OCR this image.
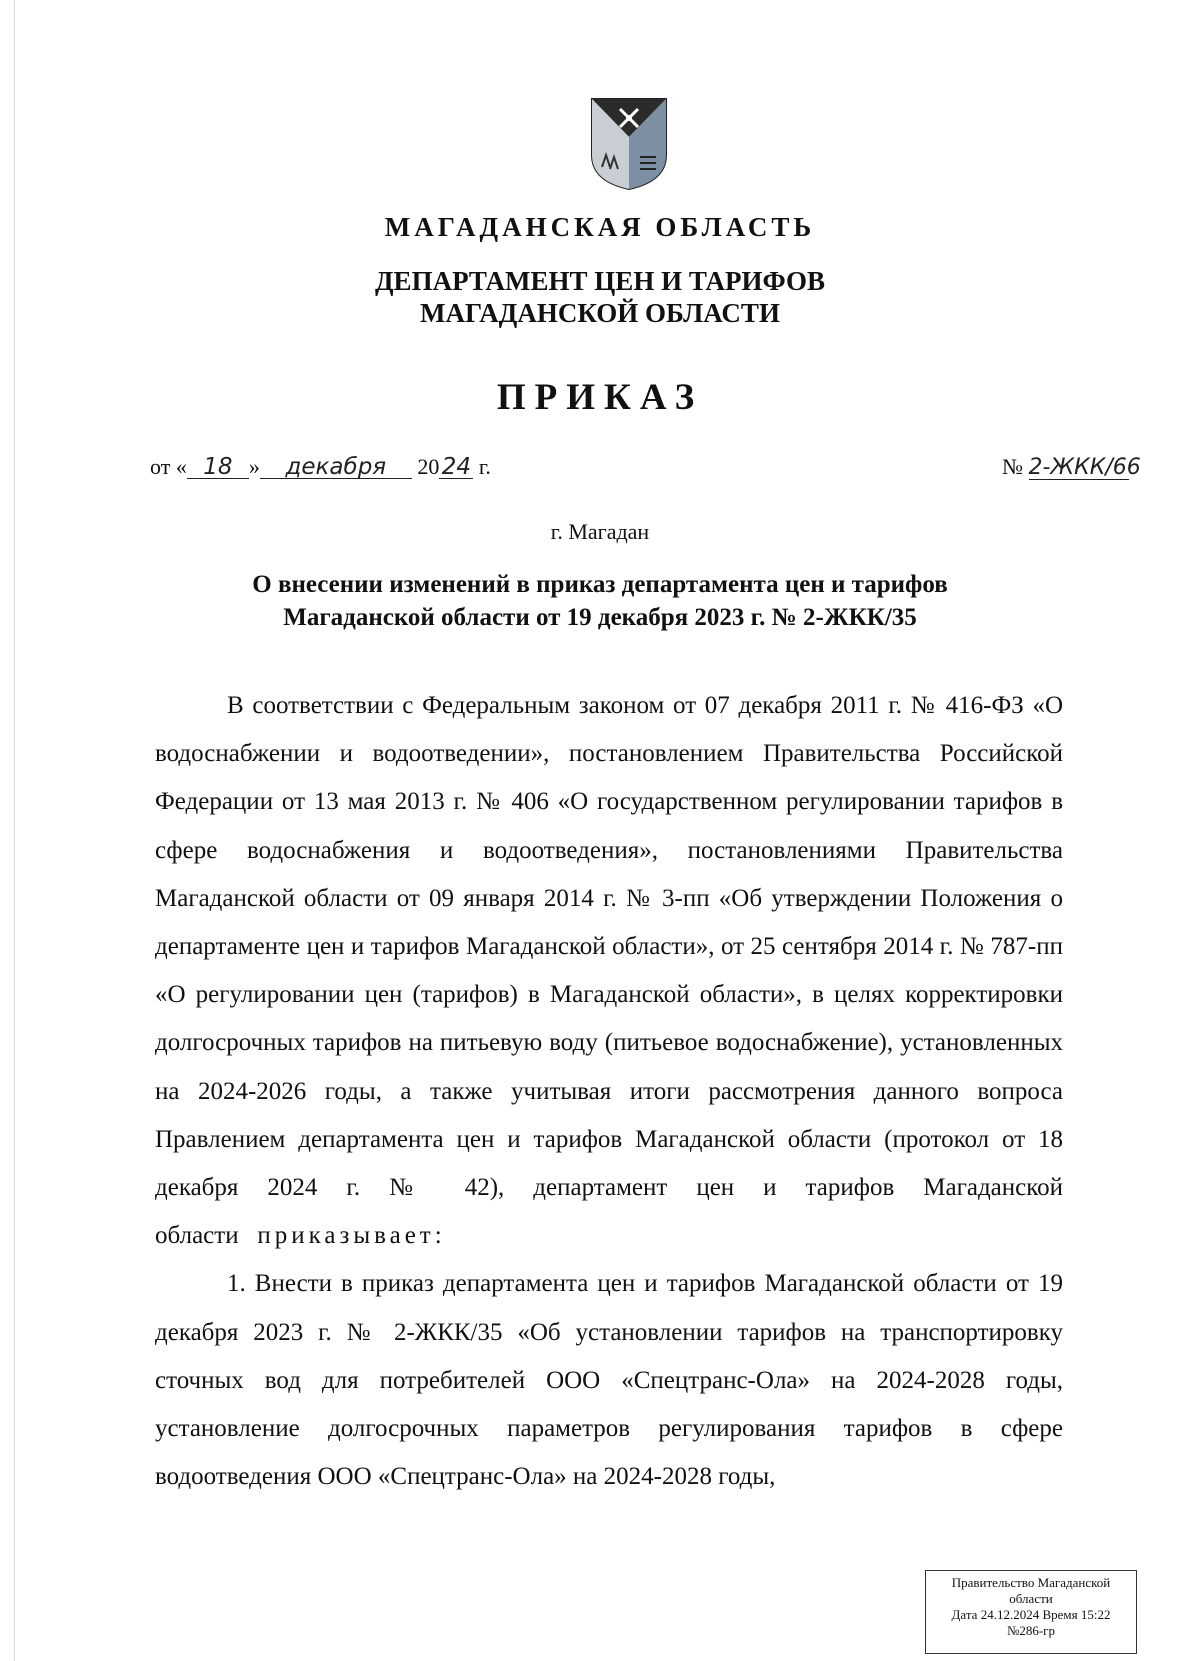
МАГАДАНСКАЯ ОБЛАСТЬ
ДЕПАРТАМЕНТ ЦЕН И ТАРИФОВ
МАГАДАНСКОЙ ОБЛАСТИ
ПРИКАЗ
от « 18 » декабря 20 24 г.	№ 2-ЖКК/66
г. Магадан
О внесении изменений в приказ департамента цен и тарифов
Магаданской области от 19 декабря 2023 г. № 2-ЖКК/35

В соответствии с Федеральным законом от 07 декабря 2011 г. № 416-ФЗ «О водоснабжении и водоотведении», постановлением Правительства Российской Федерации от 13 мая 2013 г. № 406 «О государственном регулировании тарифов в сфере водоснабжения и водоотведения», постановлениями Правительства Магаданской области от 09 января 2014 г. № 3-пп «Об утверждении Положения о департаменте цен и тарифов Магаданской области», от 25 сентября 2014 г. № 787-пп «О регулировании цен (тарифов) в Магаданской области», в целях корректировки долгосрочных тарифов на питьевую воду (питьевое водоснабжение), установленных на 2024-2026 годы, а также учитывая итоги рассмотрения данного вопроса Правлением департамента цен и тарифов Магаданской области (протокол от 18 декабря 2024 г. № 42), департамент цен и тарифов Магаданской области приказывает:

1. Внести в приказ департамента цен и тарифов Магаданской области от 19 декабря 2023 г. № 2-ЖКК/35 «Об установлении тарифов на транспортировку сточных вод для потребителей ООО «Спецтранс-Ола» на 2024-2028 годы, установление долгосрочных параметров регулирования тарифов в сфере водоотведения ООО «Спецтранс-Ола» на 2024-2028 годы,

Правительство Магаданской
области
Дата 24.12.2024 Время 15:22
№286-гр
